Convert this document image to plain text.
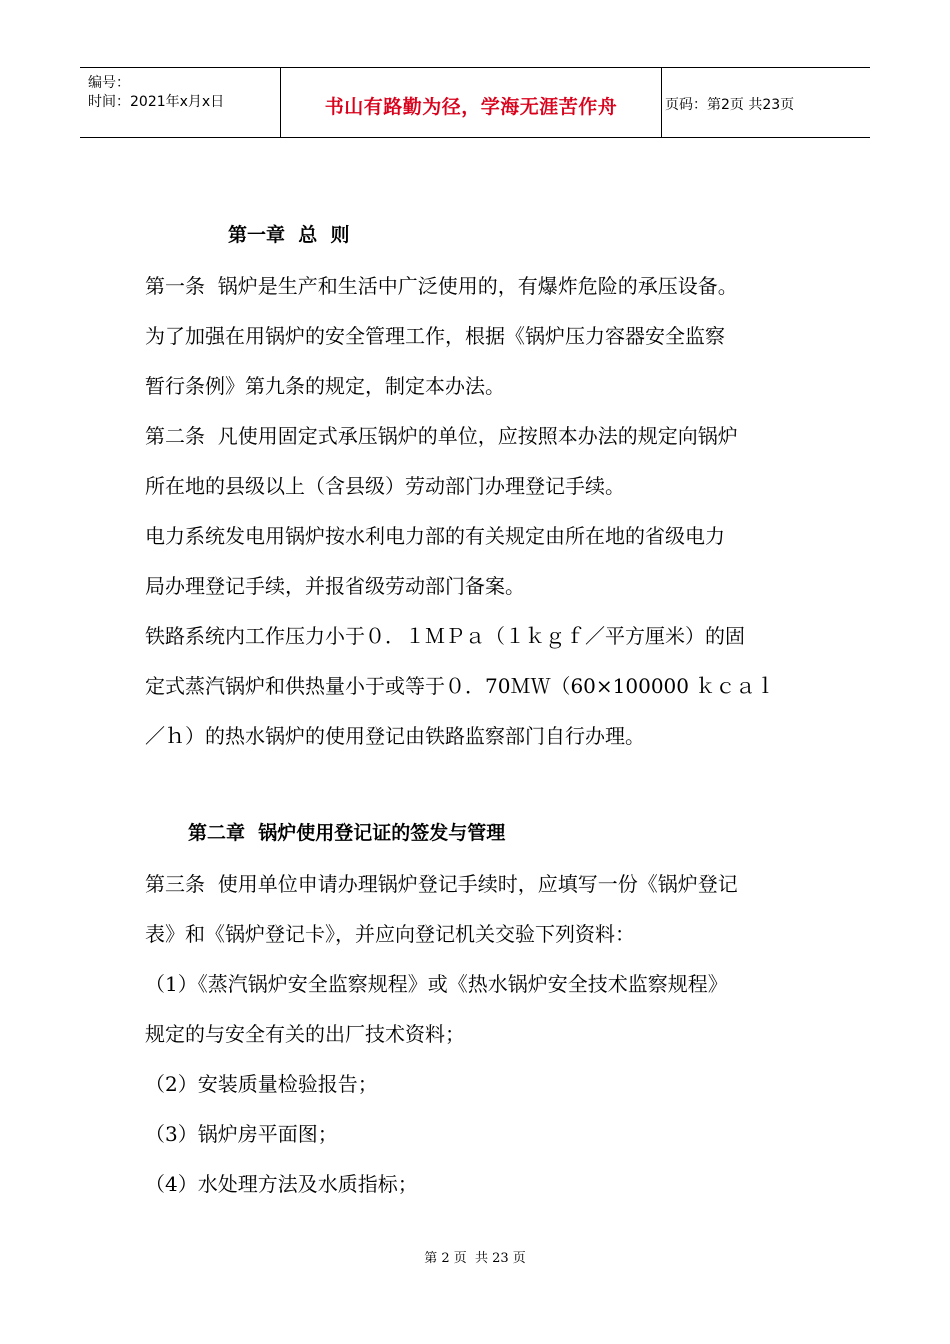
编号：
时间：2021年x月x日	书山有路勤为径，学海无涯苦作舟	页码：第2页 共23页
第一章  总  则
第一条  锅炉是生产和生活中广泛使用的，有爆炸危险的承压设备。
为了加强在用锅炉的安全管理工作，根据《锅炉压力容器安全监察
暂行条例》第九条的规定，制定本办法。
第二条  凡使用固定式承压锅炉的单位，应按照本办法的规定向锅炉
所在地的县级以上（含县级）劳动部门办理登记手续。
电力系统发电用锅炉按水利电力部的有关规定由所在地的省级电力
局办理登记手续，并报省级劳动部门备案。
铁路系统内工作压力小于０．１ＭＰａ（１ｋｇｆ／平方厘米）的固
定式蒸汽锅炉和供热量小于或等于０．70ＭＷ（60×100000 ｋｃａｌ
／ｈ）的热水锅炉的使用登记由铁路监察部门自行办理。
第二章  锅炉使用登记证的签发与管理
第三条  使用单位申请办理锅炉登记手续时，应填写一份《锅炉登记
表》和《锅炉登记卡》，并应向登记机关交验下列资料：
（1）《蒸汽锅炉安全监察规程》或《热水锅炉安全技术监察规程》
规定的与安全有关的出厂技术资料；
（2）安装质量检验报告；
（3）锅炉房平面图；
（4）水处理方法及水质指标；
第 2 页  共 23 页
